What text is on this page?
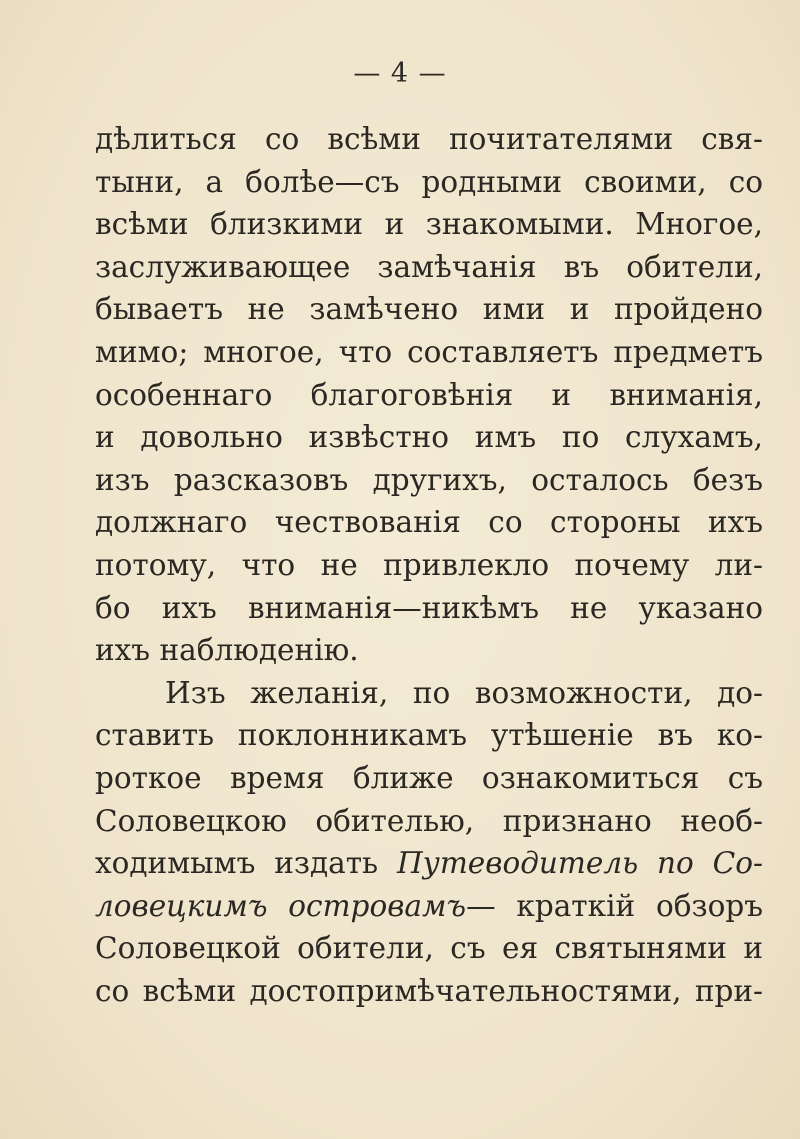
— 4 —
дѣлиться со всѣми почитателями свя-
тыни, а болѣе—съ родными своими, со
всѣми близкими и знакомыми. Многое,
заслуживающее замѣчанія въ обители,
бываетъ не замѣчено ими и пройдено
мимо; многое, что составляетъ предметъ
особеннаго благоговѣнія и вниманія,
и довольно извѣстно имъ по слухамъ,
изъ разсказовъ другихъ, осталось безъ
должнаго чествованія со стороны ихъ
потому, что не привлекло почему ли-
бо ихъ вниманія—никѣмъ не указано
ихъ наблюденію.
Изъ желанія, по возможности, до-
ставить поклонникамъ утѣшеніе въ ко-
роткое время ближе ознакомиться съ
Соловецкою обителью, признано необ-
ходимымъ издать Путеводитель по Со-
ловецкимъ островамъ— краткій обзоръ
Соловецкой обители, съ ея святынями и
со всѣми достопримѣчательностями, при-
